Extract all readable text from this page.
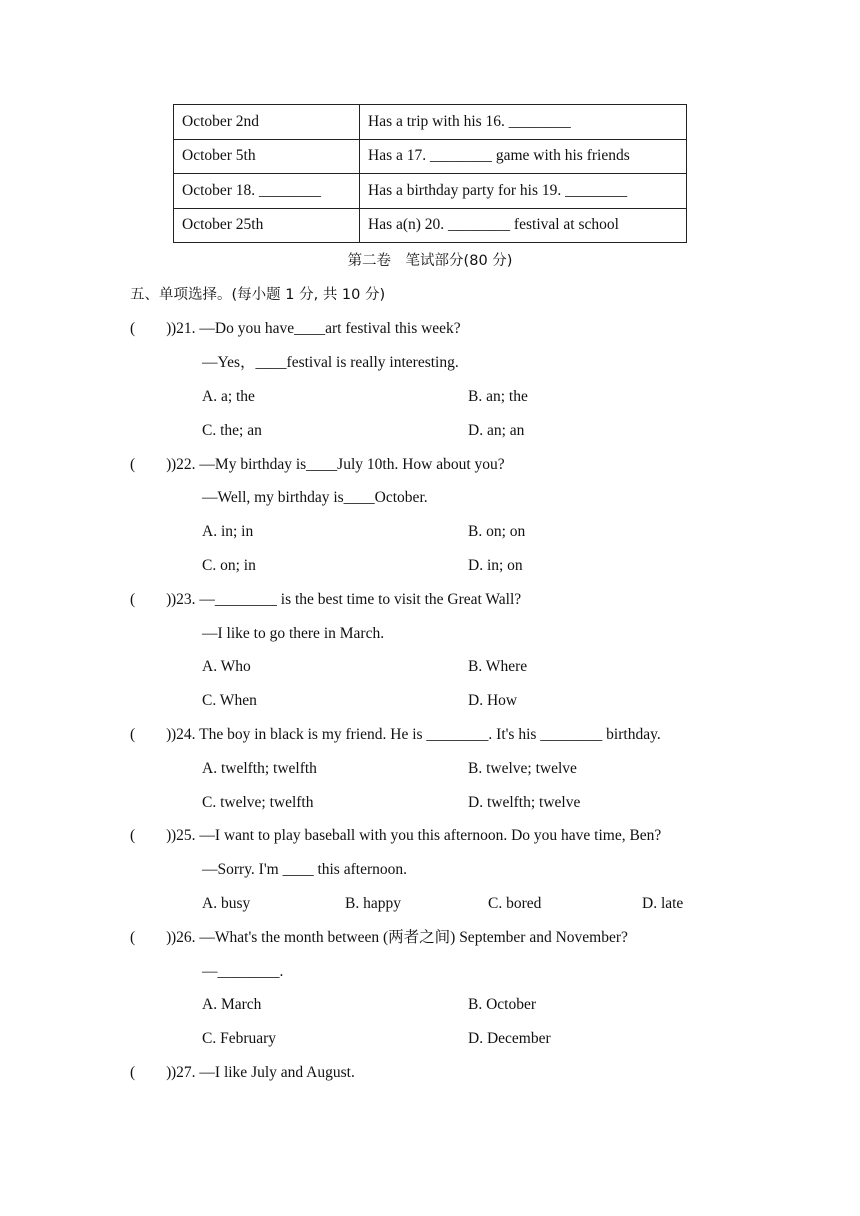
October 2nd	Has a trip with his 16. ________
October 5th	Has a 17. ________ game with his friends
October 18. ________	Has a birthday party for his 19. ________
October 25th	Has a(n) 20. ________ festival at school
第二卷　笔试部分(80 分)
五、单项选择。(每小题 1 分, 共 10 分)
(　　) )21. —Do you have____art festival this week?
—Yes，____festival is really interesting.
A. a; the	B. an; the
C. the; an	D. an; an
(　　) )22. —My birthday is____July 10th. How about you?
—Well, my birthday is____October.
A. in; in	B. on; on
C. on; in	D. in; on
(　　) )23. —________ is the best time to visit the Great Wall?
—I like to go there in March.
A. Who	B. Where
C. When	D. How
(　　) )24. The boy in black is my friend. He is ________. It's his ________ birthday.
A. twelfth; twelfth	B. twelve; twelve
C. twelve; twelfth	D. twelfth; twelve
(　　) )25. —I want to play baseball with you this afternoon. Do you have time, Ben?
—Sorry. I'm ____ this afternoon.
A. busy	B. happy	C. bored	D. late
(　　) )26. —What's the month between (两者之间) September and November?
—________.
A. March	B. October
C. February	D. December
(　　) )27. —I like July and August.
